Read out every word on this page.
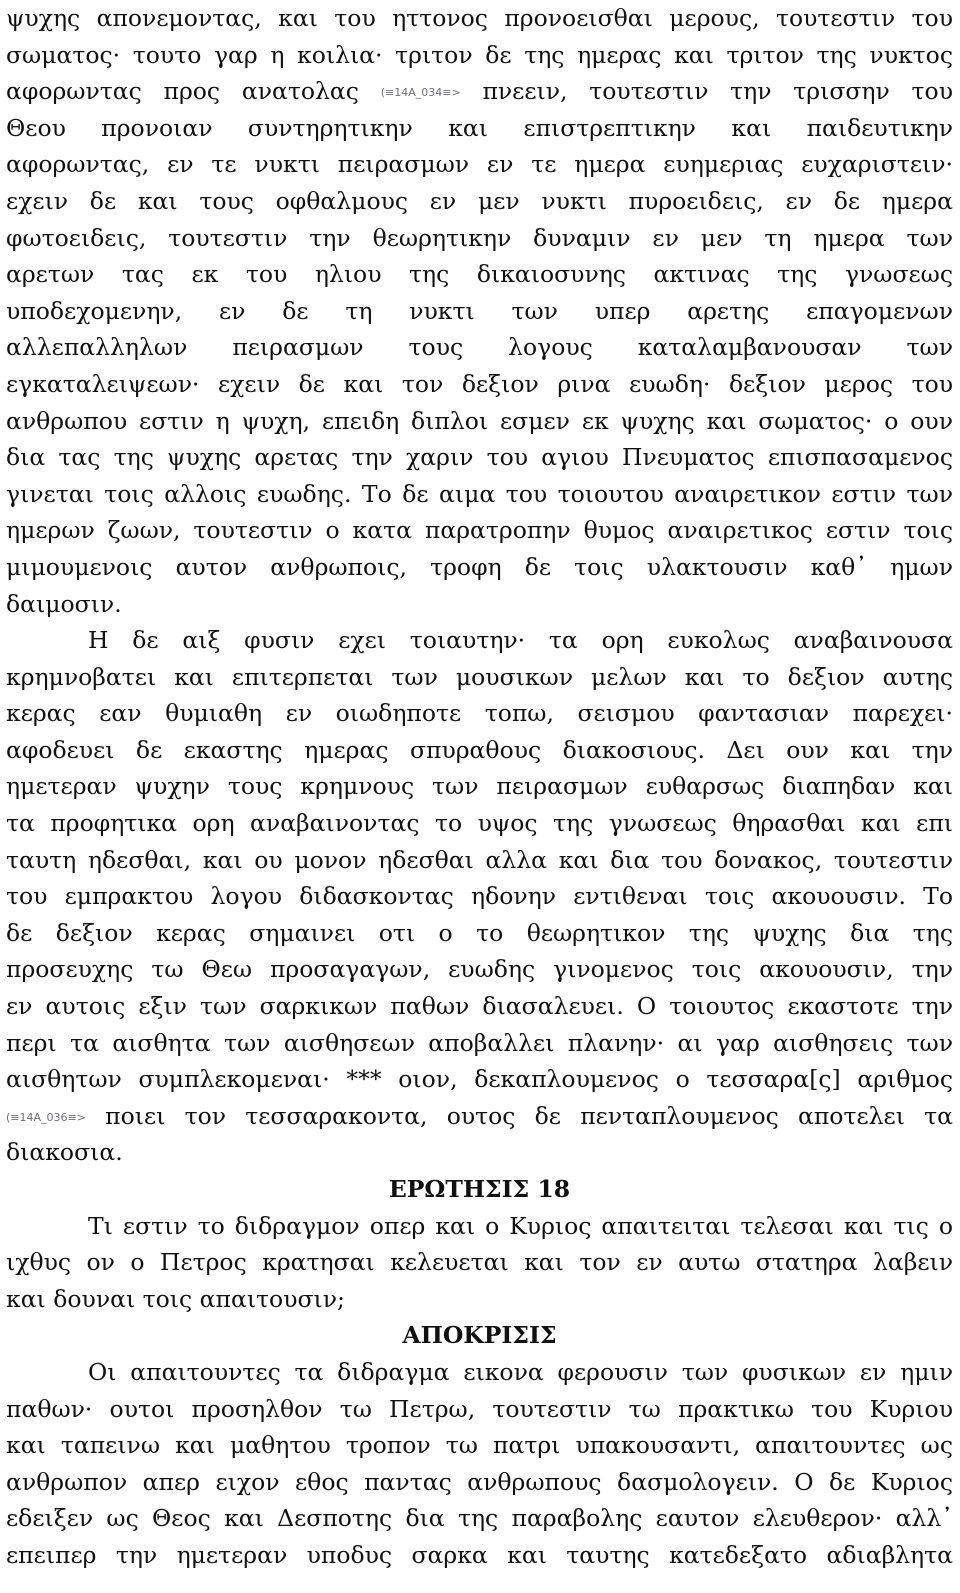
ψυχης απονεμοντας, και του ηττονος προνοεισθαι μερους, τουτεστιν του
σωματος· τουτο γαρ η κοιλια· τριτον δε της ημερας και τριτον της νυκτος
αφορωντας προς ανατολας (≡14A_034≡> πνεειν, τουτεστιν την τρισσην του
Θεου προνοιαν συντηρητικην και επιστρεπτικην και παιδευτικην
αφορωντας, εν τε νυκτι πειρασμων εν τε ημερα ευημεριας ευχαριστειν·
εχειν δε και τους οφθαλμους εν μεν νυκτι πυροειδεις, εν δε ημερα
φωτοειδεις, τουτεστιν την θεωρητικην δυναμιν εν μεν τη ημερα των
αρετων τας εκ του ηλιου της δικαιοσυνης ακτινας της γνωσεως
υποδεχομενην, εν δε τη νυκτι των υπερ αρετης επαγομενων
αλλεπαλληλων πειρασμων τους λογους καταλαμβανουσαν των
εγκαταλειψεων· εχειν δε και τον δεξιον ρινα ευωδη· δεξιον μερος του
ανθρωπου εστιν η ψυχη, επειδη διπλοι εσμεν εκ ψυχης και σωματος· ο ουν
δια τας της ψυχης αρετας την χαριν του αγιου Πνευματος επισπασαμενος
γινεται τοις αλλοις ευωδης. Το δε αιμα του τοιουτου αναιρετικον εστιν των
ημερων ζωων, τουτεστιν ο κατα παρατροπην θυμος αναιρετικος εστιν τοις
μιμουμενοις αυτον ανθρωποις, τροφη δε τοις υλακτουσιν καθ᾽ ημων
δαιμοσιν.
Η δε αιξ φυσιν εχει τοιαυτην· τα ορη ευκολως αναβαινουσα
κρημνοβατει και επιτερπεται των μουσικων μελων και το δεξιον αυτης
κερας εαν θυμιαθη εν οιωδηποτε τοπω, σεισμου φαντασιαν παρεχει·
αφοδευει δε εκαστης ημερας σπυραθους διακοσιους. Δει ουν και την
ημετεραν ψυχην τους κρημνους των πειρασμων ευθαρσως διαπηδαν και
τα προφητικα ορη αναβαινοντας το υψος της γνωσεως θηρασθαι και επι
ταυτη ηδεσθαι, και ου μονον ηδεσθαι αλλα και δια του δονακος, τουτεστιν
του εμπρακτου λογου διδασκοντας ηδονην εντιθεναι τοις ακουουσιν. Το
δε δεξιον κερας σημαινει οτι ο το θεωρητικον της ψυχης δια της
προσευχης τω Θεω προσαγαγων, ευωδης γινομενος τοις ακουουσιν, την
εν αυτοις εξιν των σαρκικων παθων διασαλευει. Ο τοιουτος εκαστοτε την
περι τα αισθητα των αισθησεων αποβαλλει πλανην· αι γαρ αισθησεις των
αισθητων συμπλεκομεναι· *** οιον, δεκαπλουμενος ο τεσσαρα[ς] αριθμος
(≡14A_036≡> ποιει τον τεσσαρακοντα, ουτος δε πενταπλουμενος αποτελει τα
διακοσια.
ΕΡΩΤΗΣΙΣ 18
Τι εστιν το διδραγμον οπερ και ο Κυριος απαιτειται τελεσαι και τις ο
ιχθυς ον ο Πετρος κρατησαι κελευεται και τον εν αυτω στατηρα λαβειν
και δουναι τοις απαιτουσιν;
ΑΠΟΚΡΙΣΙΣ
Οι απαιτουντες τα διδραγμα εικονα φερουσιν των φυσικων εν ημιν
παθων· ουτοι προσηλθον τω Πετρω, τουτεστιν τω πρακτικω του Κυριου
και ταπεινω και μαθητου τροπον τω πατρι υπακουσαντι, απαιτουντες ως
ανθρωπον απερ ειχον εθος παντας ανθρωπους δασμολογειν. Ο δε Κυριος
εδειξεν ως Θεος και Δεσποτης δια της παραβολης εαυτον ελευθερον· αλλ᾽
επειπερ την ημετεραν υποδυς σαρκα και ταυτης κατεδεξατο αδιαβλητα
